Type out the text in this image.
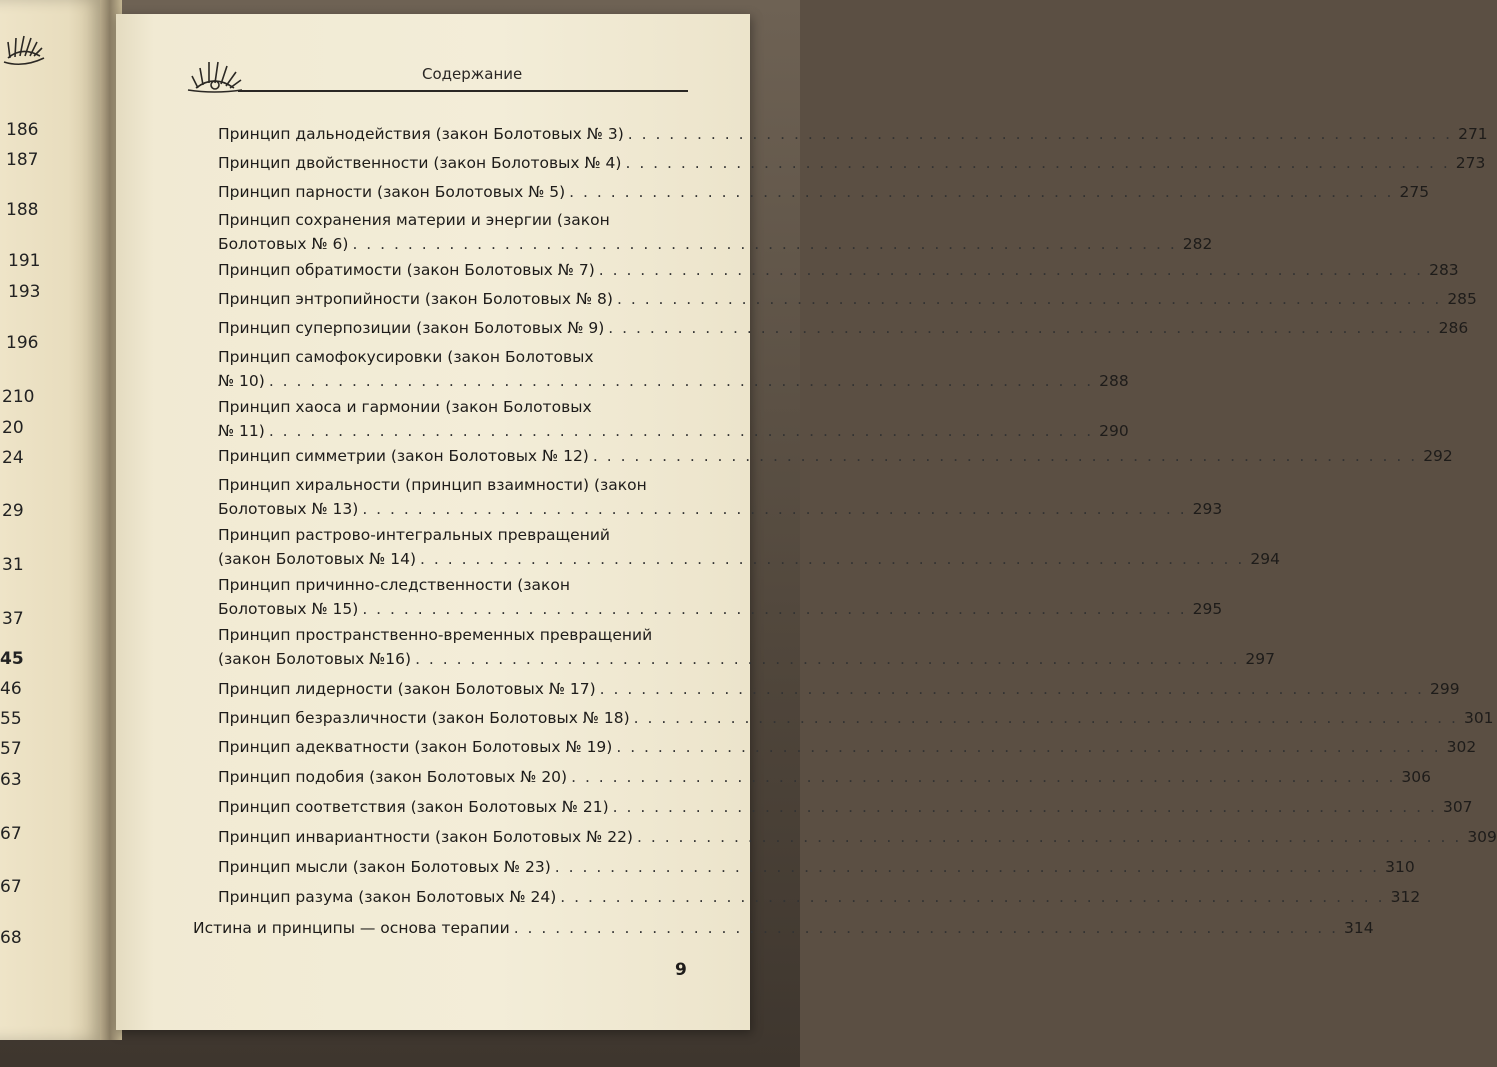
186
187
188
191
193
196
210
20
24
29
31
37
45
46
55
57
63
67
67
68
Содержание
Принцип дальнодействия (закон Болотовых № 3) . . . . . . . . . . . . . . . . . . . . . . . . . . . . . . . . . . . . . . . . . . . . . . . . . . . . . . . . . . . . 271
Принцип двойственности (закон Болотовых № 4) . . . . . . . . . . . . . . . . . . . . . . . . . . . . . . . . . . . . . . . . . . . . . . . . . . . . . . . . . . . . 273
Принцип парности (закон Болотовых № 5) . . . . . . . . . . . . . . . . . . . . . . . . . . . . . . . . . . . . . . . . . . . . . . . . . . . . . . . . . . . . 275
Принцип сохранения материи и энергии (закон
Болотовых № 6) . . . . . . . . . . . . . . . . . . . . . . . . . . . . . . . . . . . . . . . . . . . . . . . . . . . . . . . . . . . . 282
Принцип обратимости (закон Болотовых № 7) . . . . . . . . . . . . . . . . . . . . . . . . . . . . . . . . . . . . . . . . . . . . . . . . . . . . . . . . . . . . 283
Принцип энтропийности (закон Болотовых № 8) . . . . . . . . . . . . . . . . . . . . . . . . . . . . . . . . . . . . . . . . . . . . . . . . . . . . . . . . . . . . 285
Принцип суперпозиции (закон Болотовых № 9) . . . . . . . . . . . . . . . . . . . . . . . . . . . . . . . . . . . . . . . . . . . . . . . . . . . . . . . . . . . . 286
Принцип самофокусировки (закон Болотовых
№ 10) . . . . . . . . . . . . . . . . . . . . . . . . . . . . . . . . . . . . . . . . . . . . . . . . . . . . . . . . . . . . 288
Принцип хаоса и гармонии (закон Болотовых
№ 11) . . . . . . . . . . . . . . . . . . . . . . . . . . . . . . . . . . . . . . . . . . . . . . . . . . . . . . . . . . . . 290
Принцип симметрии (закон Болотовых № 12) . . . . . . . . . . . . . . . . . . . . . . . . . . . . . . . . . . . . . . . . . . . . . . . . . . . . . . . . . . . . 292
Принцип хиральности (принцип взаимности) (закон
Болотовых № 13) . . . . . . . . . . . . . . . . . . . . . . . . . . . . . . . . . . . . . . . . . . . . . . . . . . . . . . . . . . . . 293
Принцип растрово-интегральных превращений
(закон Болотовых № 14) . . . . . . . . . . . . . . . . . . . . . . . . . . . . . . . . . . . . . . . . . . . . . . . . . . . . . . . . . . . . 294
Принцип причинно-следственности (закон
Болотовых № 15) . . . . . . . . . . . . . . . . . . . . . . . . . . . . . . . . . . . . . . . . . . . . . . . . . . . . . . . . . . . . 295
Принцип пространственно-временных превращений
(закон Болотовых №16) . . . . . . . . . . . . . . . . . . . . . . . . . . . . . . . . . . . . . . . . . . . . . . . . . . . . . . . . . . . . 297
Принцип лидерности (закон Болотовых № 17) . . . . . . . . . . . . . . . . . . . . . . . . . . . . . . . . . . . . . . . . . . . . . . . . . . . . . . . . . . . . 299
Принцип безразличности (закон Болотовых № 18) . . . . . . . . . . . . . . . . . . . . . . . . . . . . . . . . . . . . . . . . . . . . . . . . . . . . . . . . . . . . 301
Принцип адекватности (закон Болотовых № 19) . . . . . . . . . . . . . . . . . . . . . . . . . . . . . . . . . . . . . . . . . . . . . . . . . . . . . . . . . . . . 302
Принцип подобия (закон Болотовых № 20) . . . . . . . . . . . . . . . . . . . . . . . . . . . . . . . . . . . . . . . . . . . . . . . . . . . . . . . . . . . . 306
Принцип соответствия (закон Болотовых № 21) . . . . . . . . . . . . . . . . . . . . . . . . . . . . . . . . . . . . . . . . . . . . . . . . . . . . . . . . . . . . 307
Принцип инвариантности (закон Болотовых № 22) . . . . . . . . . . . . . . . . . . . . . . . . . . . . . . . . . . . . . . . . . . . . . . . . . . . . . . . . . . . . 309
Принцип мысли (закон Болотовых № 23) . . . . . . . . . . . . . . . . . . . . . . . . . . . . . . . . . . . . . . . . . . . . . . . . . . . . . . . . . . . . 310
Принцип разума (закон Болотовых № 24) . . . . . . . . . . . . . . . . . . . . . . . . . . . . . . . . . . . . . . . . . . . . . . . . . . . . . . . . . . . . 312
Истина и принципы — основа терапии . . . . . . . . . . . . . . . . . . . . . . . . . . . . . . . . . . . . . . . . . . . . . . . . . . . . . . . . . . . . 314
9
